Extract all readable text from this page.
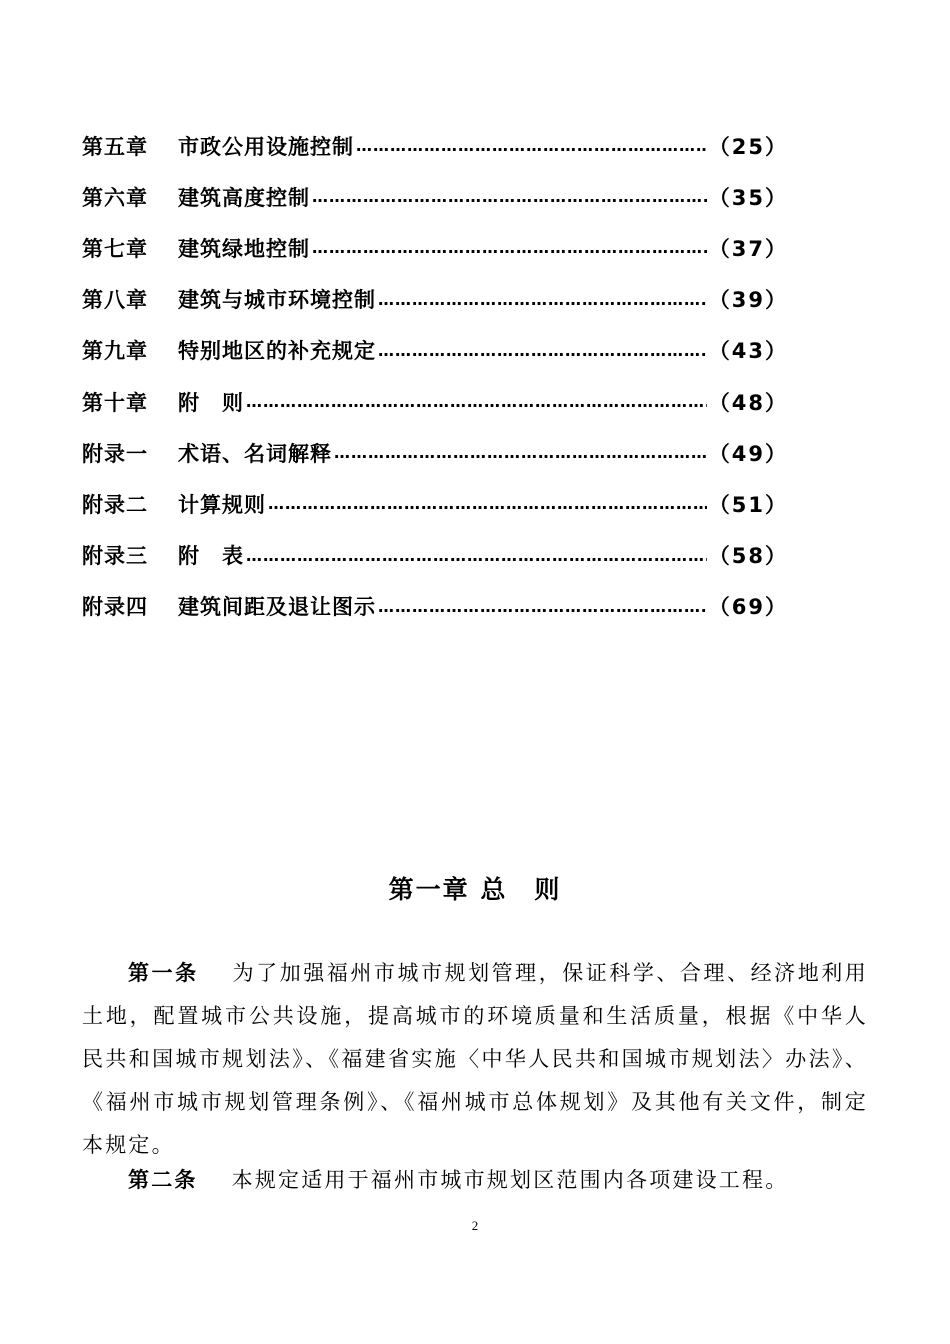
第五章	市政公用设施控制 ………………………………………………………………………………………………………………	（25）
第六章	建筑高度控制 ………………………………………………………………………………………………………………	（35）
第七章	建筑绿地控制 ………………………………………………………………………………………………………………	（37）
第八章	建筑与城市环境控制 ………………………………………………………………………………………………………………	（39）
第九章	特别地区的补充规定 ………………………………………………………………………………………………………………	（43）
第十章	附　则 ………………………………………………………………………………………………………………	（48）
附录一	术语、名词解释 ………………………………………………………………………………………………………………	（49）
附录二	计算规则 ………………………………………………………………………………………………………………	（51）
附录三	附　表 ………………………………………………………………………………………………………………	（58）
附录四	建筑间距及退让图示 ………………………………………………………………………………………………………………	（69）
第一章 总　则
第一条 为了加强福州市城市规划管理，保证科学、合理、经济地利用土地，配置城市公共设施，提高城市的环境质量和生活质量，根据《中华人民共和国城市规划法》、《福建省实施〈中华人民共和国城市规划法〉办法》、《福州市城市规划管理条例》、《福州城市总体规划》及其他有关文件，制定本规定。
第二条 本规定适用于福州市城市规划区范围内各项建设工程。
2
